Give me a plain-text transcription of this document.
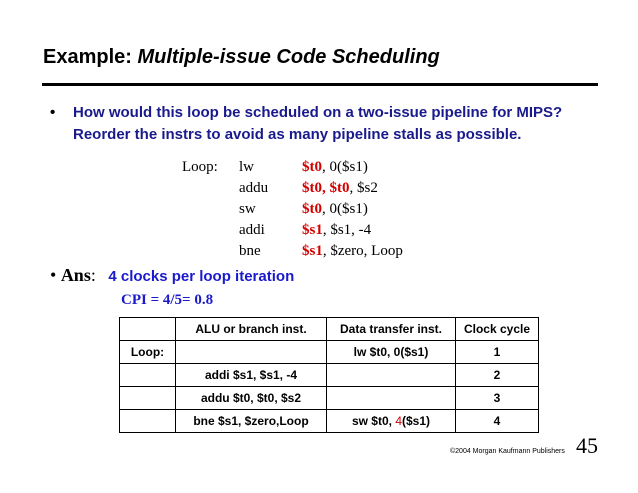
Example: Multiple-issue Code Scheduling
• How would this loop be scheduled on a two-issue pipeline for MIPS?
Reorder the instrs to avoid as many pipeline stalls as possible.
Loop:	lw	$t0, 0($s1)
addu	$t0, $t0, $s2
sw	$t0, 0($s1)
addi	$s1, $s1, -4
bne	$s1, $zero, Loop
• Ans: 4 clocks per loop iteration
CPI = 4/5= 0.8
	ALU or branch inst.	Data transfer inst.	Clock cycle
Loop:		lw $t0, 0($s1)	1
	addi $s1, $s1, -4		2
	addu $t0, $t0, $s2		3
	bne $s1, $zero,Loop	sw $t0, 4($s1)	4
©2004 Morgan Kaufmann Publishers 45
